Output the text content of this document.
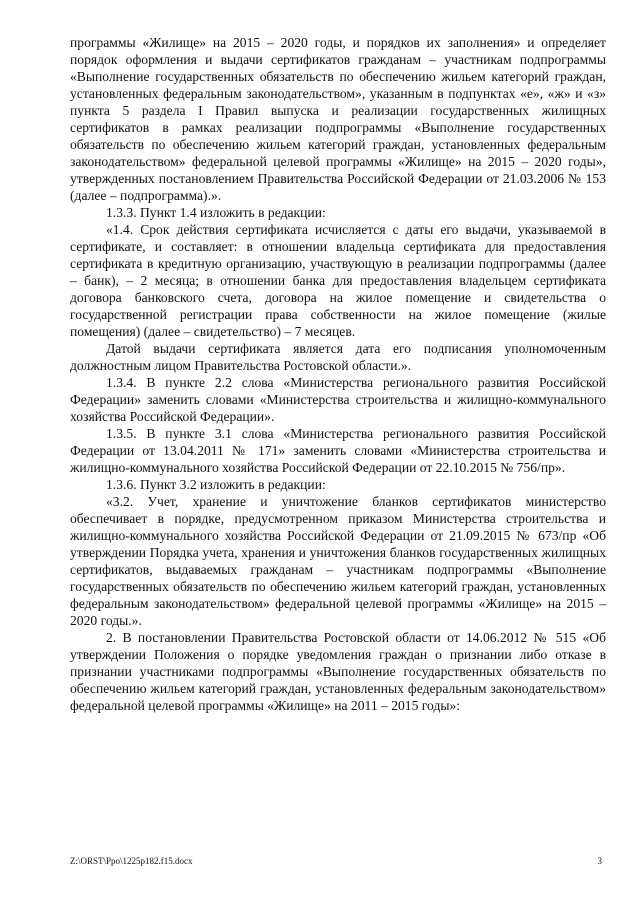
программы «Жилище» на 2015 – 2020 годы, и порядков их заполнения» и определяет порядок оформления и выдачи сертификатов гражданам – участникам подпрограммы «Выполнение государственных обязательств по обеспечению жильем категорий граждан, установленных федеральным законодательством», указанным в подпунктах «е», «ж» и «з» пункта 5 раздела I Правил выпуска и реализации государственных жилищных сертификатов в рамках реализации подпрограммы «Выполнение государственных обязательств по обеспечению жильем категорий граждан, установленных федеральным законодательством» федеральной целевой программы «Жилище» на 2015 – 2020 годы», утвержденных постановлением Правительства Российской Федерации от 21.03.2006 № 153 (далее – подпрограмма).».

1.3.3. Пункт 1.4 изложить в редакции:

«1.4. Срок действия сертификата исчисляется с даты его выдачи, указываемой в сертификате, и составляет: в отношении владельца сертификата для предоставления сертификата в кредитную организацию, участвующую в реализации подпрограммы (далее – банк), – 2 месяца; в отношении банка для предоставления владельцем сертификата договора банковского счета, договора на жилое помещение и свидетельства о государственной регистрации права собственности на жилое помещение (жилые помещения) (далее – свидетельство) – 7 месяцев.

Датой выдачи сертификата является дата его подписания уполномоченным должностным лицом Правительства Ростовской области.».

1.3.4. В пункте 2.2 слова «Министерства регионального развития Российской Федерации» заменить словами «Министерства строительства и жилищно-коммунального хозяйства Российской Федерации».

1.3.5. В пункте 3.1 слова «Министерства регионального развития Российской Федерации от 13.04.2011 № 171» заменить словами «Министерства строительства и жилищно-коммунального хозяйства Российской Федерации от 22.10.2015 № 756/пр».

1.3.6. Пункт 3.2 изложить в редакции:

«3.2. Учет, хранение и уничтожение бланков сертификатов министерство обеспечивает в порядке, предусмотренном приказом Министерства строительства и жилищно-коммунального хозяйства Российской Федерации от 21.09.2015 № 673/пр «Об утверждении Порядка учета, хранения и уничтожения бланков государственных жилищных сертификатов, выдаваемых гражданам – участникам подпрограммы «Выполнение государственных обязательств по обеспечению жильем категорий граждан, установленных федеральным законодательством» федеральной целевой программы «Жилище» на 2015 – 2020 годы.».

2. В постановлении Правительства Ростовской области от 14.06.2012 № 515 «Об утверждении Положения о порядке уведомления граждан о признании либо отказе в признании участниками подпрограммы «Выполнение государственных обязательств по обеспечению жильем категорий граждан, установленных федеральным законодательством» федеральной целевой программы «Жилище» на 2011 – 2015 годы»:

Z:\ORST\Ppo\1225p182.f15.docx	3
